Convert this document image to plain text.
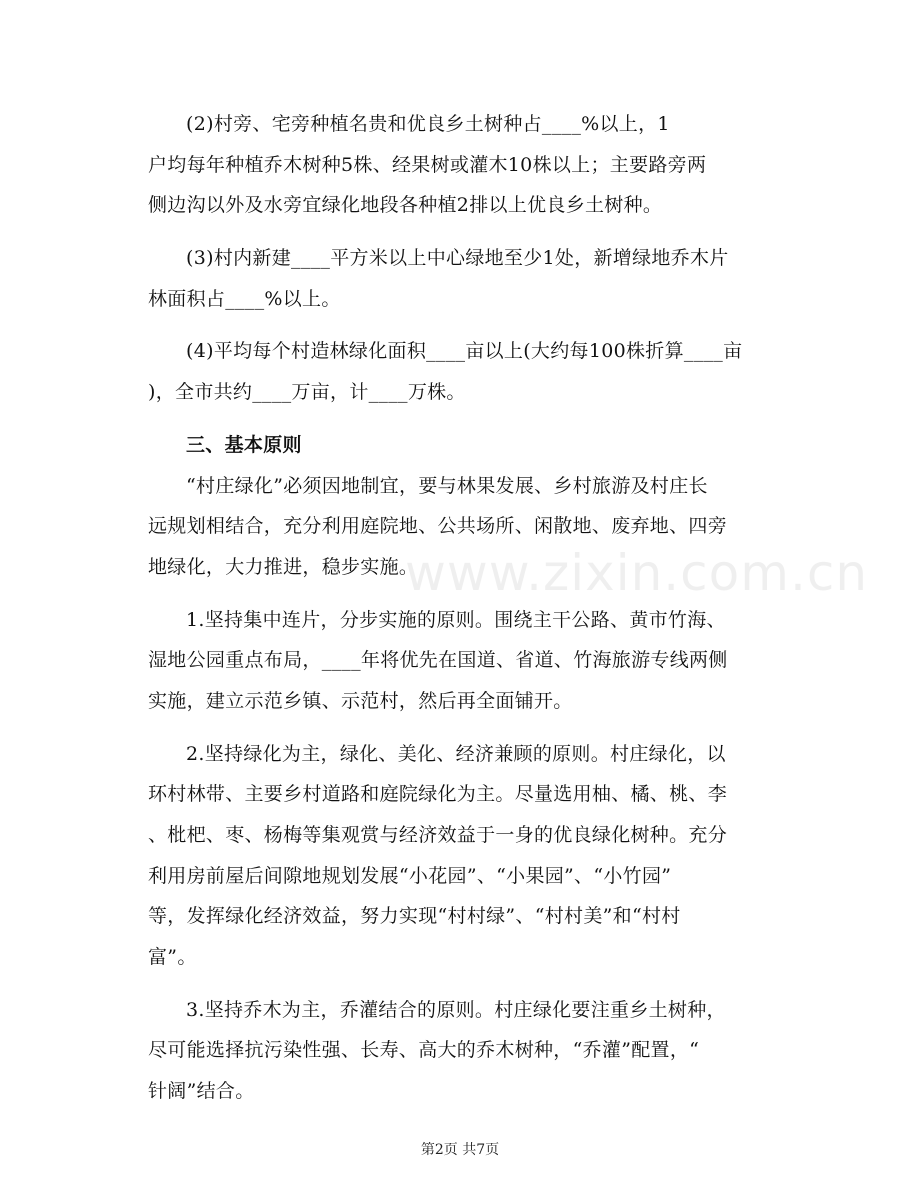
(2)村旁、宅旁种植名贵和优良乡土树种占____%以上，1
户均每年种植乔木树种5株、经果树或灌木10株以上；主要路旁两
侧边沟以外及水旁宜绿化地段各种植2排以上优良乡土树种。
(3)村内新建____平方米以上中心绿地至少1处，新增绿地乔木片
林面积占____%以上。
(4)平均每个村造林绿化面积____亩以上(大约每100株折算____亩
)，全市共约____万亩，计____万株。
三、基本原则
“村庄绿化”必须因地制宜，要与林果发展、乡村旅游及村庄长
远规划相结合，充分利用庭院地、公共场所、闲散地、废弃地、四旁
地绿化，大力推进，稳步实施。
1.坚持集中连片，分步实施的原则。围绕主干公路、黄市竹海、
湿地公园重点布局，____年将优先在国道、省道、竹海旅游专线两侧
实施，建立示范乡镇、示范村，然后再全面铺开。
2.坚持绿化为主，绿化、美化、经济兼顾的原则。村庄绿化，以
环村林带、主要乡村道路和庭院绿化为主。尽量选用柚、橘、桃、李
、枇杷、枣、杨梅等集观赏与经济效益于一身的优良绿化树种。充分
利用房前屋后间隙地规划发展“小花园”、“小果园”、“小竹园”
等，发挥绿化经济效益，努力实现“村村绿”、“村村美”和“村村
富”。
3.坚持乔木为主，乔灌结合的原则。村庄绿化要注重乡土树种，
尽可能选择抗污染性强、长寿、高大的乔木树种，“乔灌”配置，“
针阔”结合。
www.zixin.com.cn
第2页 共7页
